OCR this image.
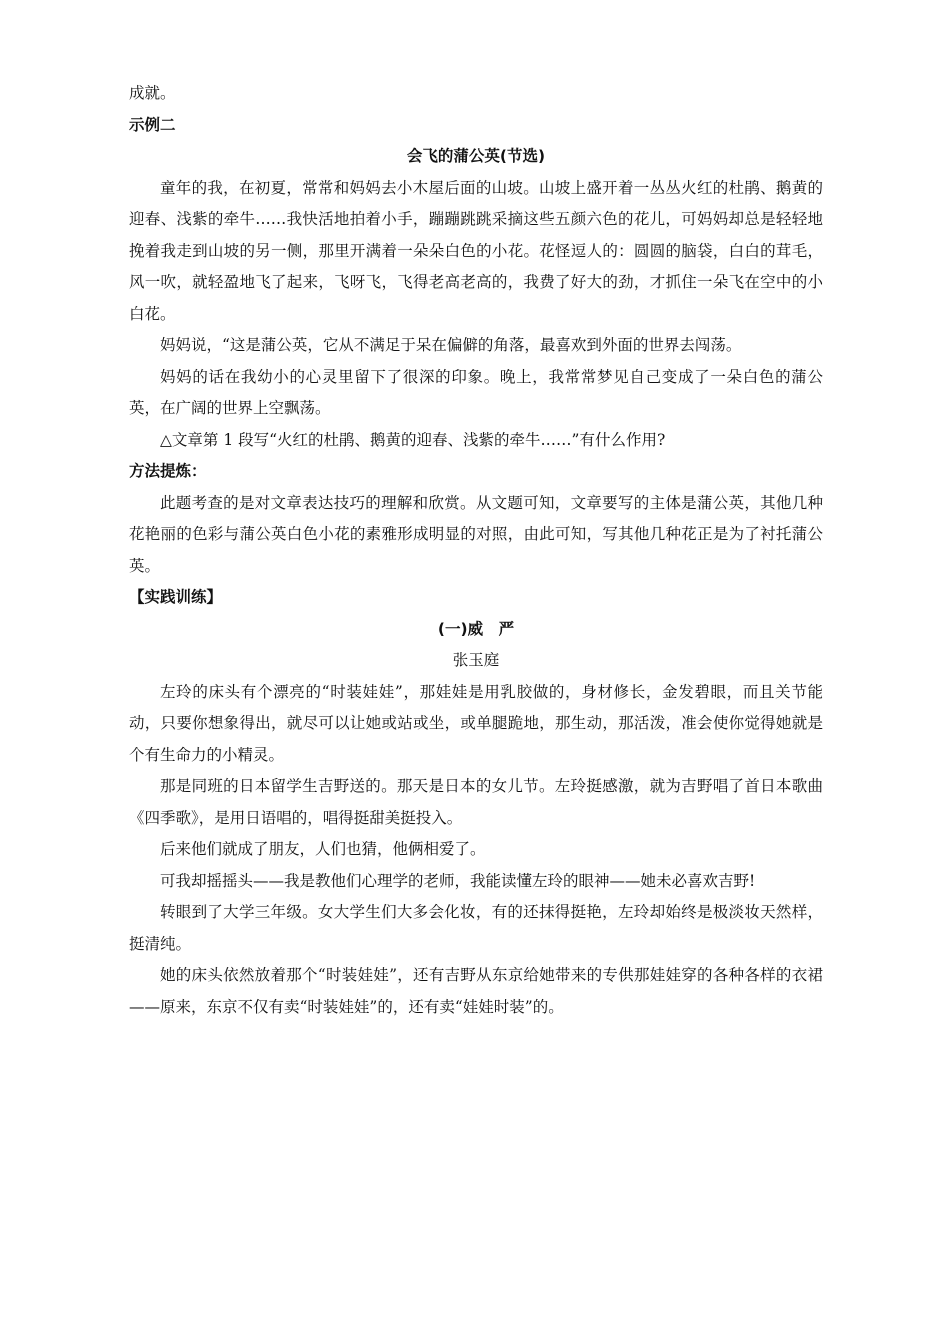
成就。

示例二

会飞的蒲公英(节选)

童年的我，在初夏，常常和妈妈去小木屋后面的山坡。山坡上盛开着一丛丛火红的杜鹃、鹅黄的迎春、浅紫的牵牛……我快活地拍着小手，蹦蹦跳跳采摘这些五颜六色的花儿，可妈妈却总是轻轻地挽着我走到山坡的另一侧，那里开满着一朵朵白色的小花。花怪逗人的：圆圆的脑袋，白白的茸毛，风一吹，就轻盈地飞了起来，飞呀飞，飞得老高老高的，我费了好大的劲，才抓住一朵飞在空中的小白花。

妈妈说，“这是蒲公英，它从不满足于呆在偏僻的角落，最喜欢到外面的世界去闯荡。

妈妈的话在我幼小的心灵里留下了很深的印象。晚上，我常常梦见自己变成了一朵白色的蒲公英，在广阔的世界上空飘荡。

△文章第 1 段写“火红的杜鹃、鹅黄的迎春、浅紫的牵牛……”有什么作用?

方法提炼：

此题考查的是对文章表达技巧的理解和欣赏。从文题可知，文章要写的主体是蒲公英，其他几种花艳丽的色彩与蒲公英白色小花的素雅形成明显的对照，由此可知，写其他几种花正是为了衬托蒲公英。

【实践训练】

(一)威　严

张玉庭

左玲的床头有个漂亮的“时装娃娃”，那娃娃是用乳胶做的，身材修长，金发碧眼，而且关节能动，只要你想象得出，就尽可以让她或站或坐，或单腿跪地，那生动，那活泼，准会使你觉得她就是个有生命力的小精灵。

那是同班的日本留学生吉野送的。那天是日本的女儿节。左玲挺感激，就为吉野唱了首日本歌曲《四季歌》，是用日语唱的，唱得挺甜美挺投入。

后来他们就成了朋友，人们也猜，他俩相爱了。

可我却摇摇头——我是教他们心理学的老师，我能读懂左玲的眼神——她未必喜欢吉野!

转眼到了大学三年级。女大学生们大多会化妆，有的还抹得挺艳，左玲却始终是极淡妆天然样，挺清纯。

她的床头依然放着那个“时装娃娃”，还有吉野从东京给她带来的专供那娃娃穿的各种各样的衣裙——原来，东京不仅有卖“时装娃娃”的，还有卖“娃娃时装”的。
